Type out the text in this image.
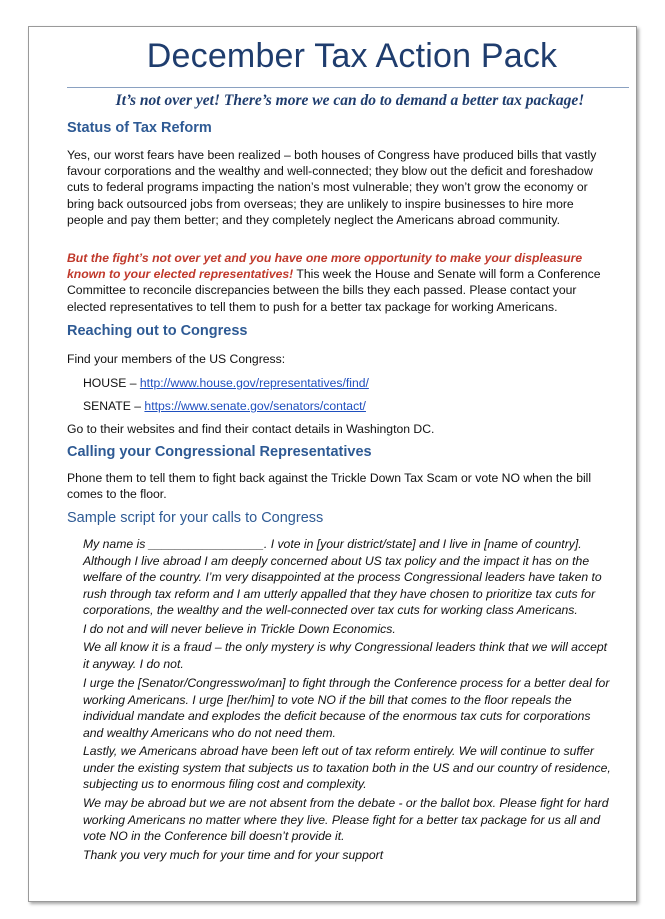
December Tax Action Pack
It’s not over yet! There’s more we can do to demand a better tax package!
Status of Tax Reform
Yes, our worst fears have been realized – both houses of Congress have produced bills that vastly favour corporations and the wealthy and well-connected; they blow out the deficit and foreshadow cuts to federal programs impacting the nation’s most vulnerable; they won’t grow the economy or bring back outsourced jobs from overseas; they are unlikely to inspire businesses to hire more people and pay them better; and they completely neglect the Americans abroad community.
But the fight’s not over yet and you have one more opportunity to make your displeasure known to your elected representatives! This week the House and Senate will form a Conference Committee to reconcile discrepancies between the bills they each passed. Please contact your elected representatives to tell them to push for a better tax package for working Americans.
Reaching out to Congress
Find your members of the US Congress:
HOUSE – http://www.house.gov/representatives/find/
SENATE – https://www.senate.gov/senators/contact/
Go to their websites and find their contact details in Washington DC.
Calling your Congressional Representatives
Phone them to tell them to fight back against the Trickle Down Tax Scam or vote NO when the bill comes to the floor.
Sample script for your calls to Congress
My name is _________________. I vote in [your district/state] and I live in [name of country]. Although I live abroad I am deeply concerned about US tax policy and the impact it has on the welfare of the country. I’m very disappointed at the process Congressional leaders have taken to rush through tax reform and I am utterly appalled that they have chosen to prioritize tax cuts for corporations, the wealthy and the well-connected over tax cuts for working class Americans.
I do not and will never believe in Trickle Down Economics.
We all know it is a fraud – the only mystery is why Congressional leaders think that we will accept it anyway. I do not.
I urge the [Senator/Congresswo/man] to fight through the Conference process for a better deal for working Americans. I urge [her/him] to vote NO if the bill that comes to the floor repeals the individual mandate and explodes the deficit because of the enormous tax cuts for corporations and wealthy Americans who do not need them.
Lastly, we Americans abroad have been left out of tax reform entirely. We will continue to suffer under the existing system that subjects us to taxation both in the US and our country of residence, subjecting us to enormous filing cost and complexity.
We may be abroad but we are not absent from the debate - or the ballot box. Please fight for hard working Americans no matter where they live. Please fight for a better tax package for us all and vote NO in the Conference bill doesn’t provide it.
Thank you very much for your time and for your support
